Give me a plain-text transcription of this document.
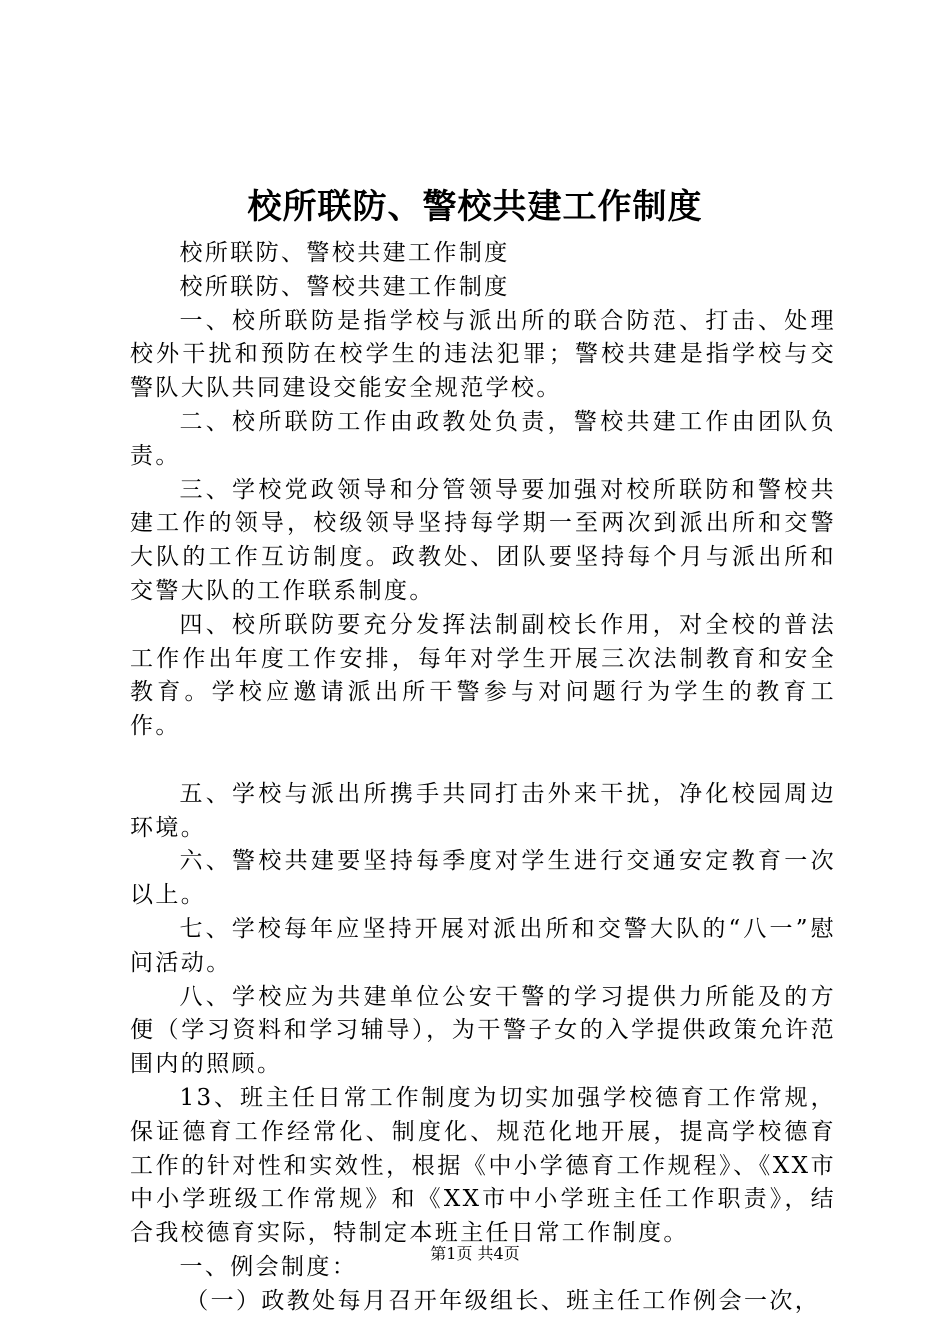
校所联防、警校共建工作制度

校所联防、警校共建工作制度

校所联防、警校共建工作制度

一、校所联防是指学校与派出所的联合防范、打击、处理校外干扰和预防在校学生的违法犯罪；警校共建是指学校与交警队大队共同建设交能安全规范学校。

二、校所联防工作由政教处负责，警校共建工作由团队负责。

三、学校党政领导和分管领导要加强对校所联防和警校共建工作的领导，校级领导坚持每学期一至两次到派出所和交警大队的工作互访制度。政教处、团队要坚持每个月与派出所和交警大队的工作联系制度。

四、校所联防要充分发挥法制副校长作用，对全校的普法工作作出年度工作安排，每年对学生开展三次法制教育和安全教育。学校应邀请派出所干警参与对问题行为学生的教育工作。

五、学校与派出所携手共同打击外来干扰，净化校园周边环境。

六、警校共建要坚持每季度对学生进行交通安定教育一次以上。

七、学校每年应坚持开展对派出所和交警大队的“八一”慰问活动。

八、学校应为共建单位公安干警的学习提供力所能及的方便（学习资料和学习辅导），为干警子女的入学提供政策允许范围内的照顾。

13、班主任日常工作制度为切实加强学校德育工作常规，保证德育工作经常化、制度化、规范化地开展，提高学校德育工作的针对性和实效性，根据《中小学德育工作规程》、《XX市中小学班级工作常规》和《XX市中小学班主任工作职责》，结合我校德育实际，特制定本班主任日常工作制度。

一、例会制度：

（一）政教处每月召开年级组长、班主任工作例会一次，

第1页 共4页
